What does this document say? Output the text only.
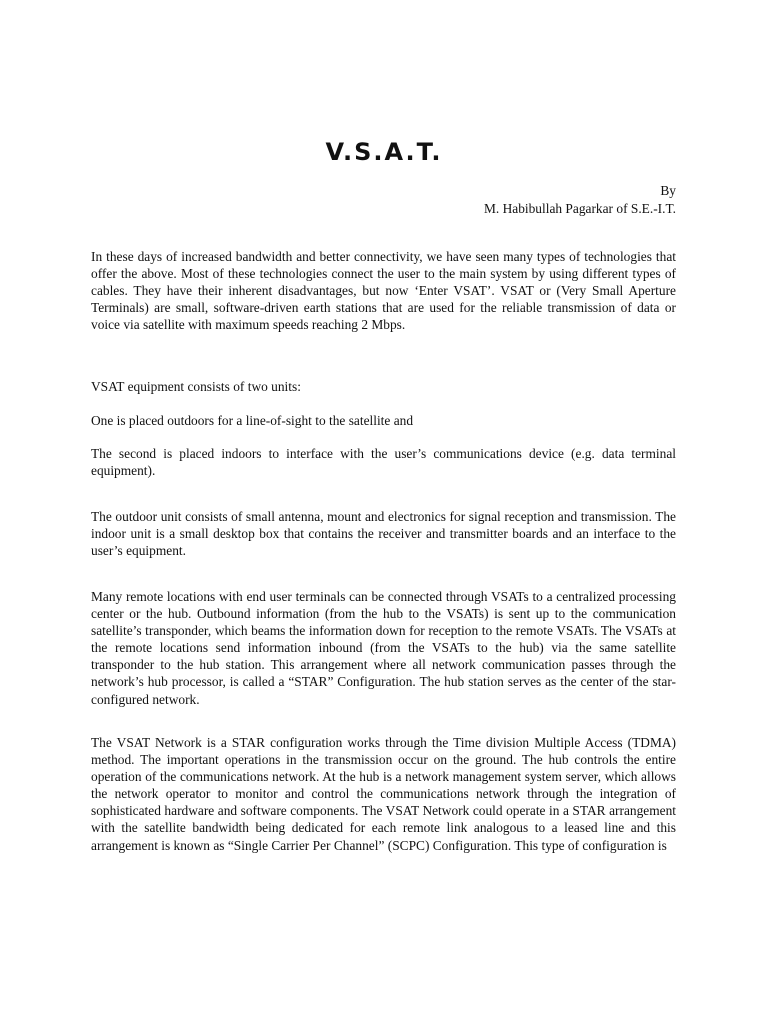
V.S.A.T.
By
M. Habibullah Pagarkar of S.E.-I.T.

In these days of increased bandwidth and better connectivity, we have seen many types of technologies that offer the above. Most of these technologies connect the user to the main system by using different types of cables. They have their inherent disadvantages, but now ‘Enter VSAT’. VSAT or (Very Small Aperture Terminals) are small, software-driven earth stations that are used for the reliable transmission of data or voice via satellite with maximum speeds reaching 2 Mbps.

VSAT equipment consists of two units:

One is placed outdoors for a line-of-sight to the satellite and

The second is placed indoors to interface with the user’s communications device (e.g. data terminal equipment).

The outdoor unit consists of small antenna, mount and electronics for signal reception and transmission. The indoor unit is a small desktop box that contains the receiver and transmitter boards and an interface to the user’s equipment.

Many remote locations with end user terminals can be connected through VSATs to a centralized processing center or the hub. Outbound information (from the hub to the VSATs) is sent up to the communication satellite’s transponder, which beams the information down for reception to the remote VSATs. The VSATs at the remote locations send information inbound (from the VSATs to the hub) via the same satellite transponder to the hub station. This arrangement where all network communication passes through the network’s hub processor, is called a “STAR” Configuration. The hub station serves as the center of the star-configured network.

The VSAT Network is a STAR configuration works through the Time division Multiple Access (TDMA) method. The important operations in the transmission occur on the ground. The hub controls the entire operation of the communications network. At the hub is a network management system server, which allows the network operator to monitor and control the communications network through the integration of sophisticated hardware and software components. The VSAT Network could operate in a STAR arrangement with the satellite bandwidth being dedicated for each remote link analogous to a leased line and this arrangement is known as “Single Carrier Per Channel” (SCPC) Configuration. This type of configuration is
